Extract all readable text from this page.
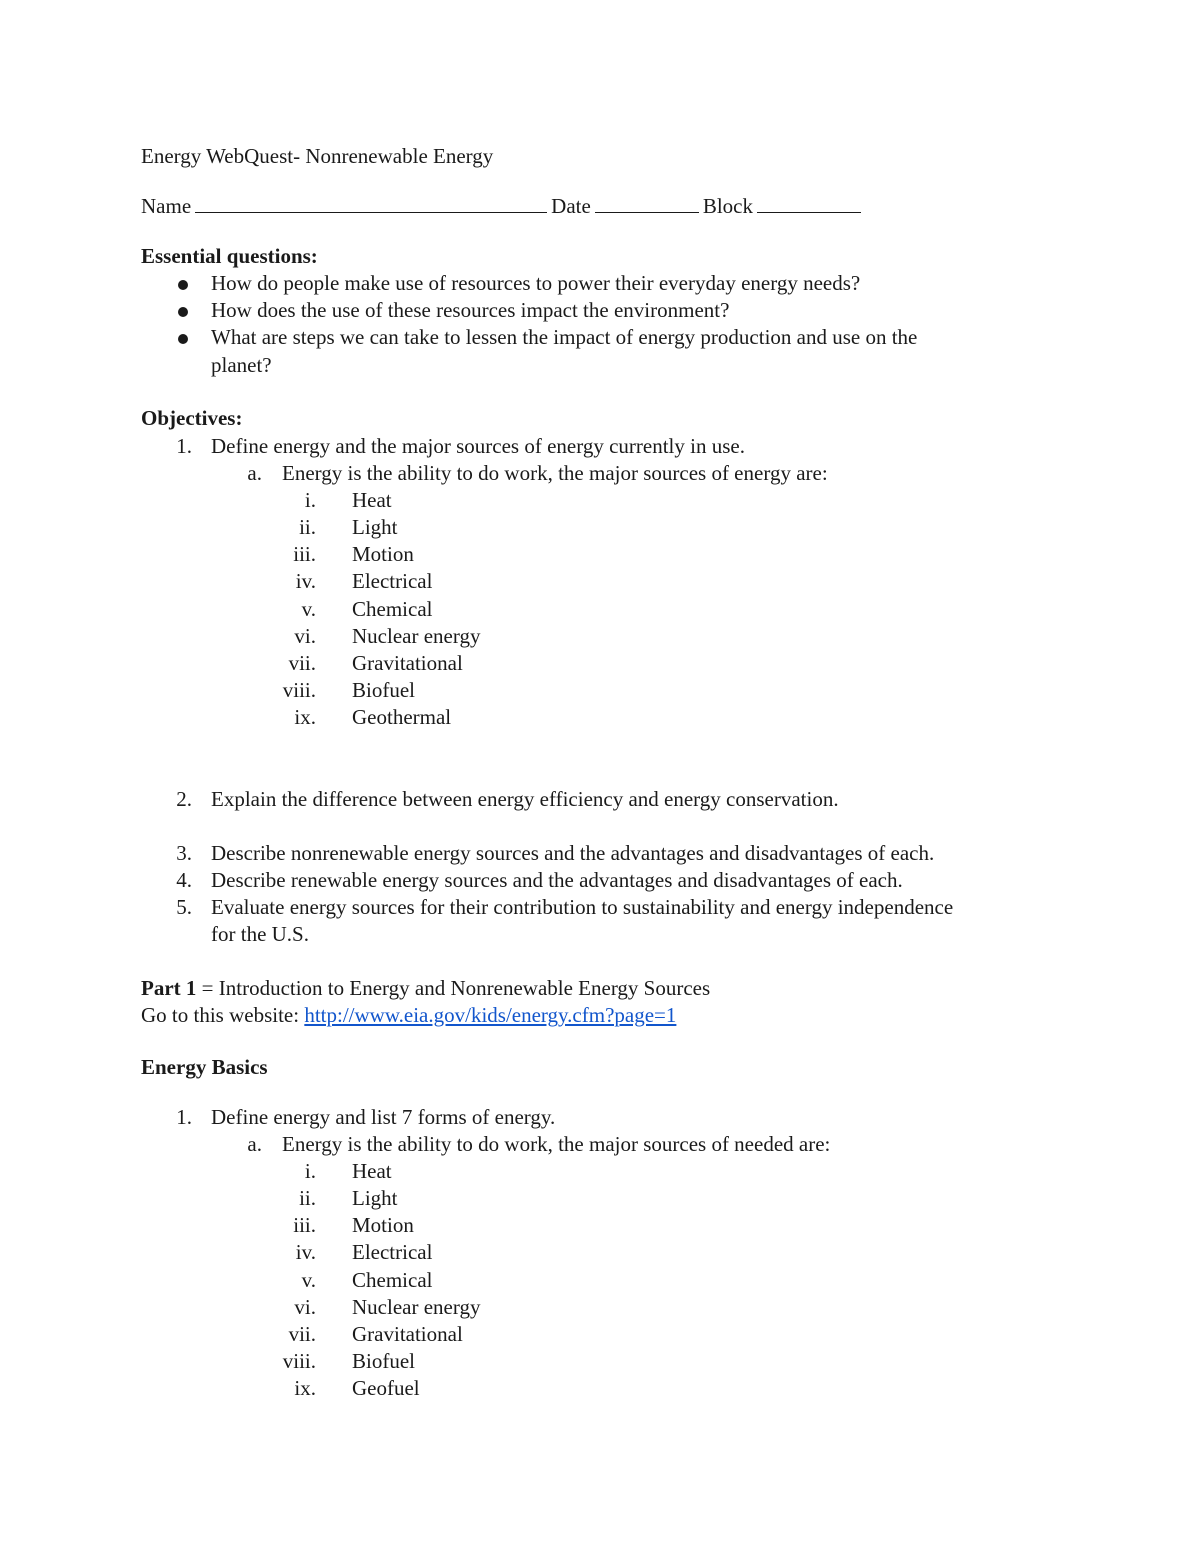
Energy WebQuest- Nonrenewable Energy
Name	Date	Block
Essential questions:
How do people make use of resources to power their everyday energy needs?
How does the use of these resources impact the environment?
What are steps we can take to lessen the impact of energy production and use on the
planet?
Objectives:
1. Define energy and the major sources of energy currently in use.
a. Energy is the ability to do work, the major sources of energy are:
i. Heat
ii. Light
iii. Motion
iv. Electrical
v. Chemical
vi. Nuclear energy
vii. Gravitational
viii. Biofuel
ix. Geothermal
2. Explain the difference between energy efficiency and energy conservation.
3. Describe nonrenewable energy sources and the advantages and disadvantages of each.
4. Describe renewable energy sources and the advantages and disadvantages of each.
5. Evaluate energy sources for their contribution to sustainability and energy independence
for the U.S.
Part 1 = Introduction to Energy and Nonrenewable Energy Sources
Go to this website: http://www.eia.gov/kids/energy.cfm?page=1
Energy Basics
1. Define energy and list 7 forms of energy.
a. Energy is the ability to do work, the major sources of needed are:
i. Heat
ii. Light
iii. Motion
iv. Electrical
v. Chemical
vi. Nuclear energy
vii. Gravitational
viii. Biofuel
ix. Geofuel
